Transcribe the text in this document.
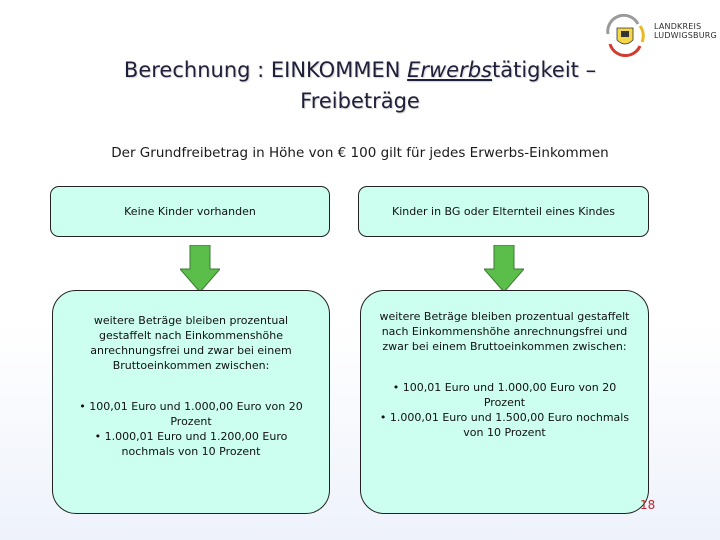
LANDKREIS
LUDWIGSBURG
Berechnung : EINKOMMEN Erwerbstätigkeit –
Freibeträge
Der Grundfreibetrag in Höhe von € 100 gilt für jedes Erwerbs-Einkommen
Keine Kinder vorhanden	Kinder in BG oder Elternteil eines Kindes
weitere Beträge bleiben prozentual gestaffelt nach Einkommenshöhe anrechnungsfrei und zwar bei einem Bruttoeinkommen zwischen:
• 100,01 Euro und 1.000,00 Euro von 20 Prozent
• 1.000,01 Euro und 1.200,00 Euro nochmals von 10 Prozent
weitere Beträge bleiben prozentual gestaffelt nach Einkommenshöhe anrechnungsfrei und zwar bei einem Bruttoeinkommen zwischen:
• 100,01 Euro und 1.000,00 Euro von 20 Prozent
• 1.000,01 Euro und 1.500,00 Euro nochmals von 10 Prozent
18
